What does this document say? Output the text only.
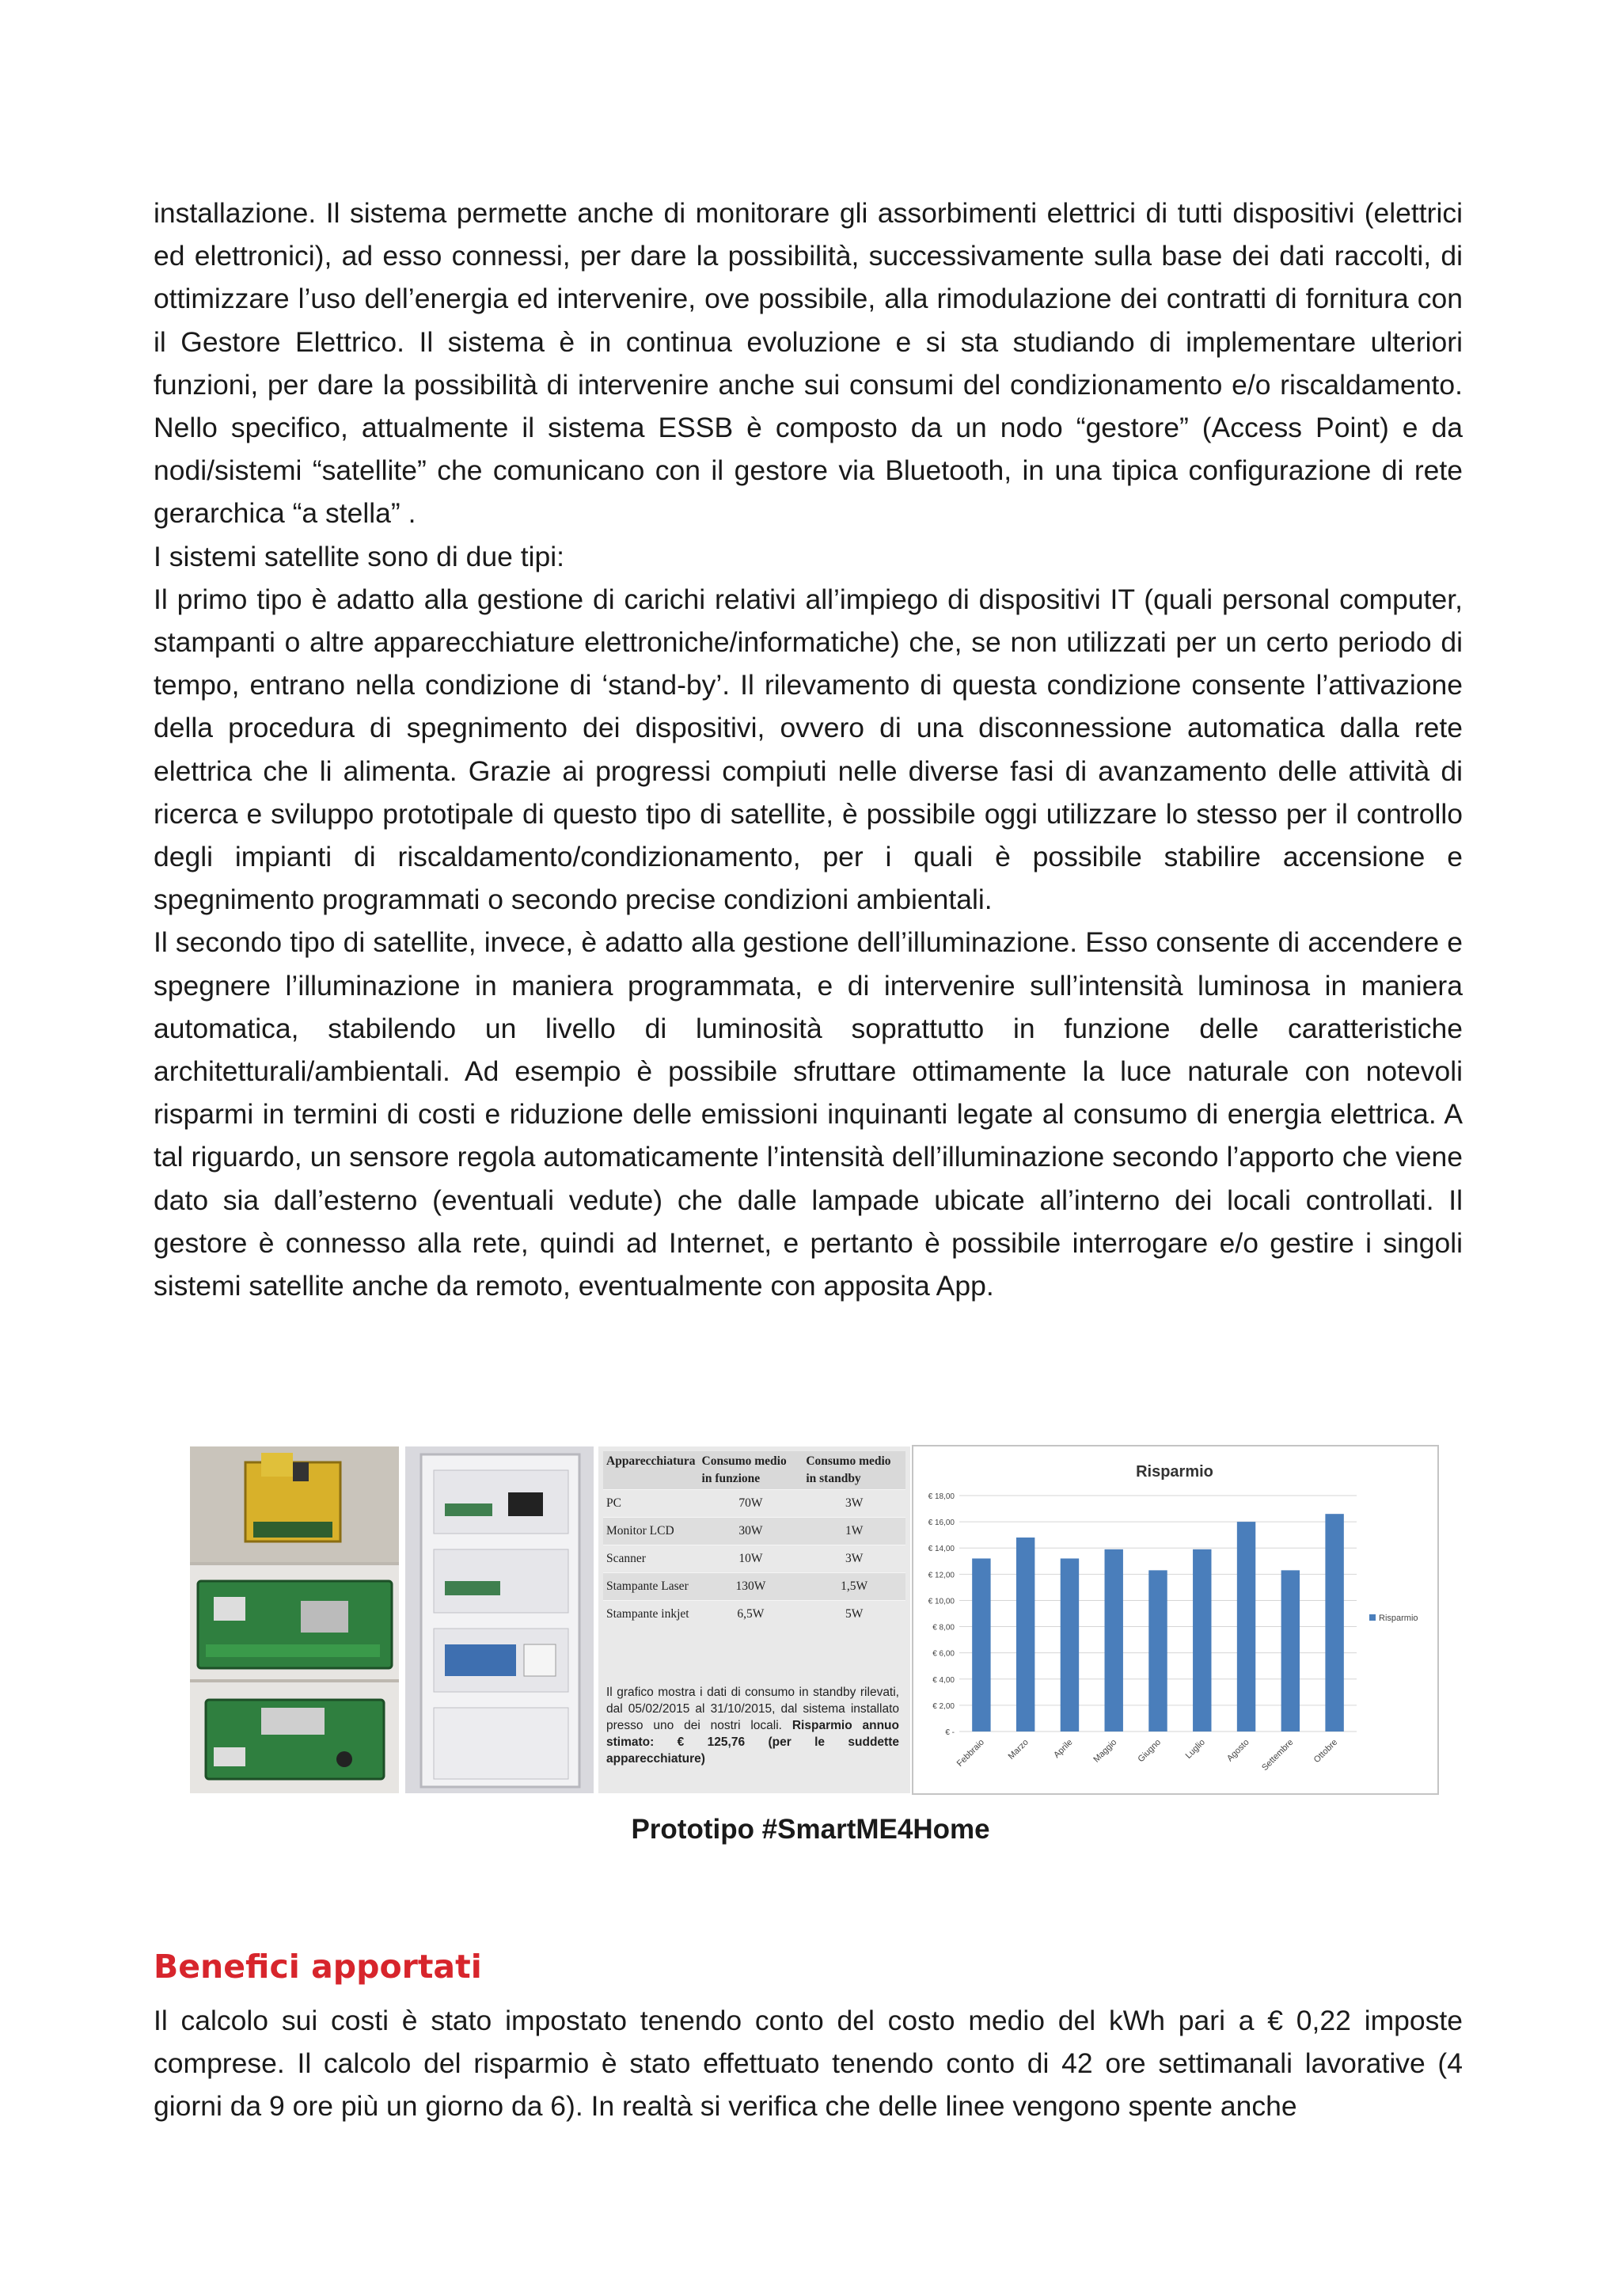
installazione. Il sistema permette anche di monitorare gli assorbimenti elettrici di tutti dispositivi (elettrici ed elettronici), ad esso connessi, per dare la possibilità, successivamente sulla base dei dati raccolti, di ottimizzare l’uso dell’energia ed intervenire, ove possibile, alla rimodulazione dei contratti di fornitura con il Gestore Elettrico. Il sistema è in continua evoluzione e si sta studiando di implementare ulteriori funzioni, per dare la possibilità di intervenire anche sui consumi del condizionamento e/o riscaldamento. Nello specifico, attualmente il sistema ESSB è composto da un nodo “gestore” (Access Point) e da nodi/sistemi “satellite” che comunicano con il gestore via Bluetooth, in una tipica configurazione di rete gerarchica “a stella” .

I sistemi satellite sono di due tipi:

Il primo tipo è adatto alla gestione di carichi relativi all’impiego di dispositivi IT (quali personal computer, stampanti o altre apparecchiature elettroniche/informatiche) che, se non utilizzati per un certo periodo di tempo, entrano nella condizione di ‘stand-by’. Il rilevamento di questa condizione consente l’attivazione della procedura di spegnimento dei dispositivi, ovvero di una disconnessione automatica dalla rete elettrica che li alimenta. Grazie ai progressi compiuti nelle diverse fasi di avanzamento delle attività di ricerca e sviluppo prototipale di questo tipo di satellite, è possibile oggi utilizzare lo stesso per il controllo degli impianti di riscaldamento/condizionamento, per i quali è possibile stabilire accensione e spegnimento programmati o secondo precise condizioni ambientali.

Il secondo tipo di satellite, invece, è adatto alla gestione dell’illuminazione. Esso consente di accendere e spegnere l’illuminazione in maniera programmata, e di intervenire sull’intensità luminosa in maniera automatica, stabilendo un livello di luminosità soprattutto in funzione delle caratteristiche architetturali/ambientali. Ad esempio è possibile sfruttare ottimamente la luce naturale con notevoli risparmi in termini di costi e riduzione delle emissioni inquinanti legate al consumo di energia elettrica. A tal riguardo, un sensore regola automaticamente l’intensità dell’illuminazione secondo l’apporto che viene dato sia dall’esterno (eventuali vedute) che dalle lampade ubicate all’interno dei locali controllati. Il gestore è connesso alla rete, quindi ad Internet, e pertanto è possibile interrogare e/o gestire i singoli sistemi satellite anche da remoto, eventualmente con apposita App.

Apparecchiatura	Consumo medio in funzione	Consumo medio in standby
PC	70W	3W
Monitor LCD	30W	1W
Scanner	10W	3W
Stampante Laser	130W	1,5W
Stampante inkjet	6,5W	5W
Il grafico mostra i dati di consumo in standby rilevati, dal 05/02/2015 al 31/10/2015, dal sistema installato presso uno dei nostri locali. Risparmio annuo stimato: € 125,76 (per le suddette apparecchiature)
Risparmio
€ 18,00
€ 16,00
€ 14,00
€ 12,00
€ 10,00
€ 8,00
€ 6,00
€ 4,00
€ 2,00
€ -
Febbraio Marzo Aprile Maggio Giugno Luglio Agosto Settembre Ottobre
Risparmio
Prototipo #SmartME4Home
Benefici apportati

Il calcolo sui costi è stato impostato tenendo conto del costo medio del kWh pari a € 0,22 imposte comprese. Il calcolo del risparmio è stato effettuato tenendo conto di 42 ore settimanali lavorative (4 giorni da 9 ore più un giorno da 6). In realtà si verifica che delle linee vengono spente anche
